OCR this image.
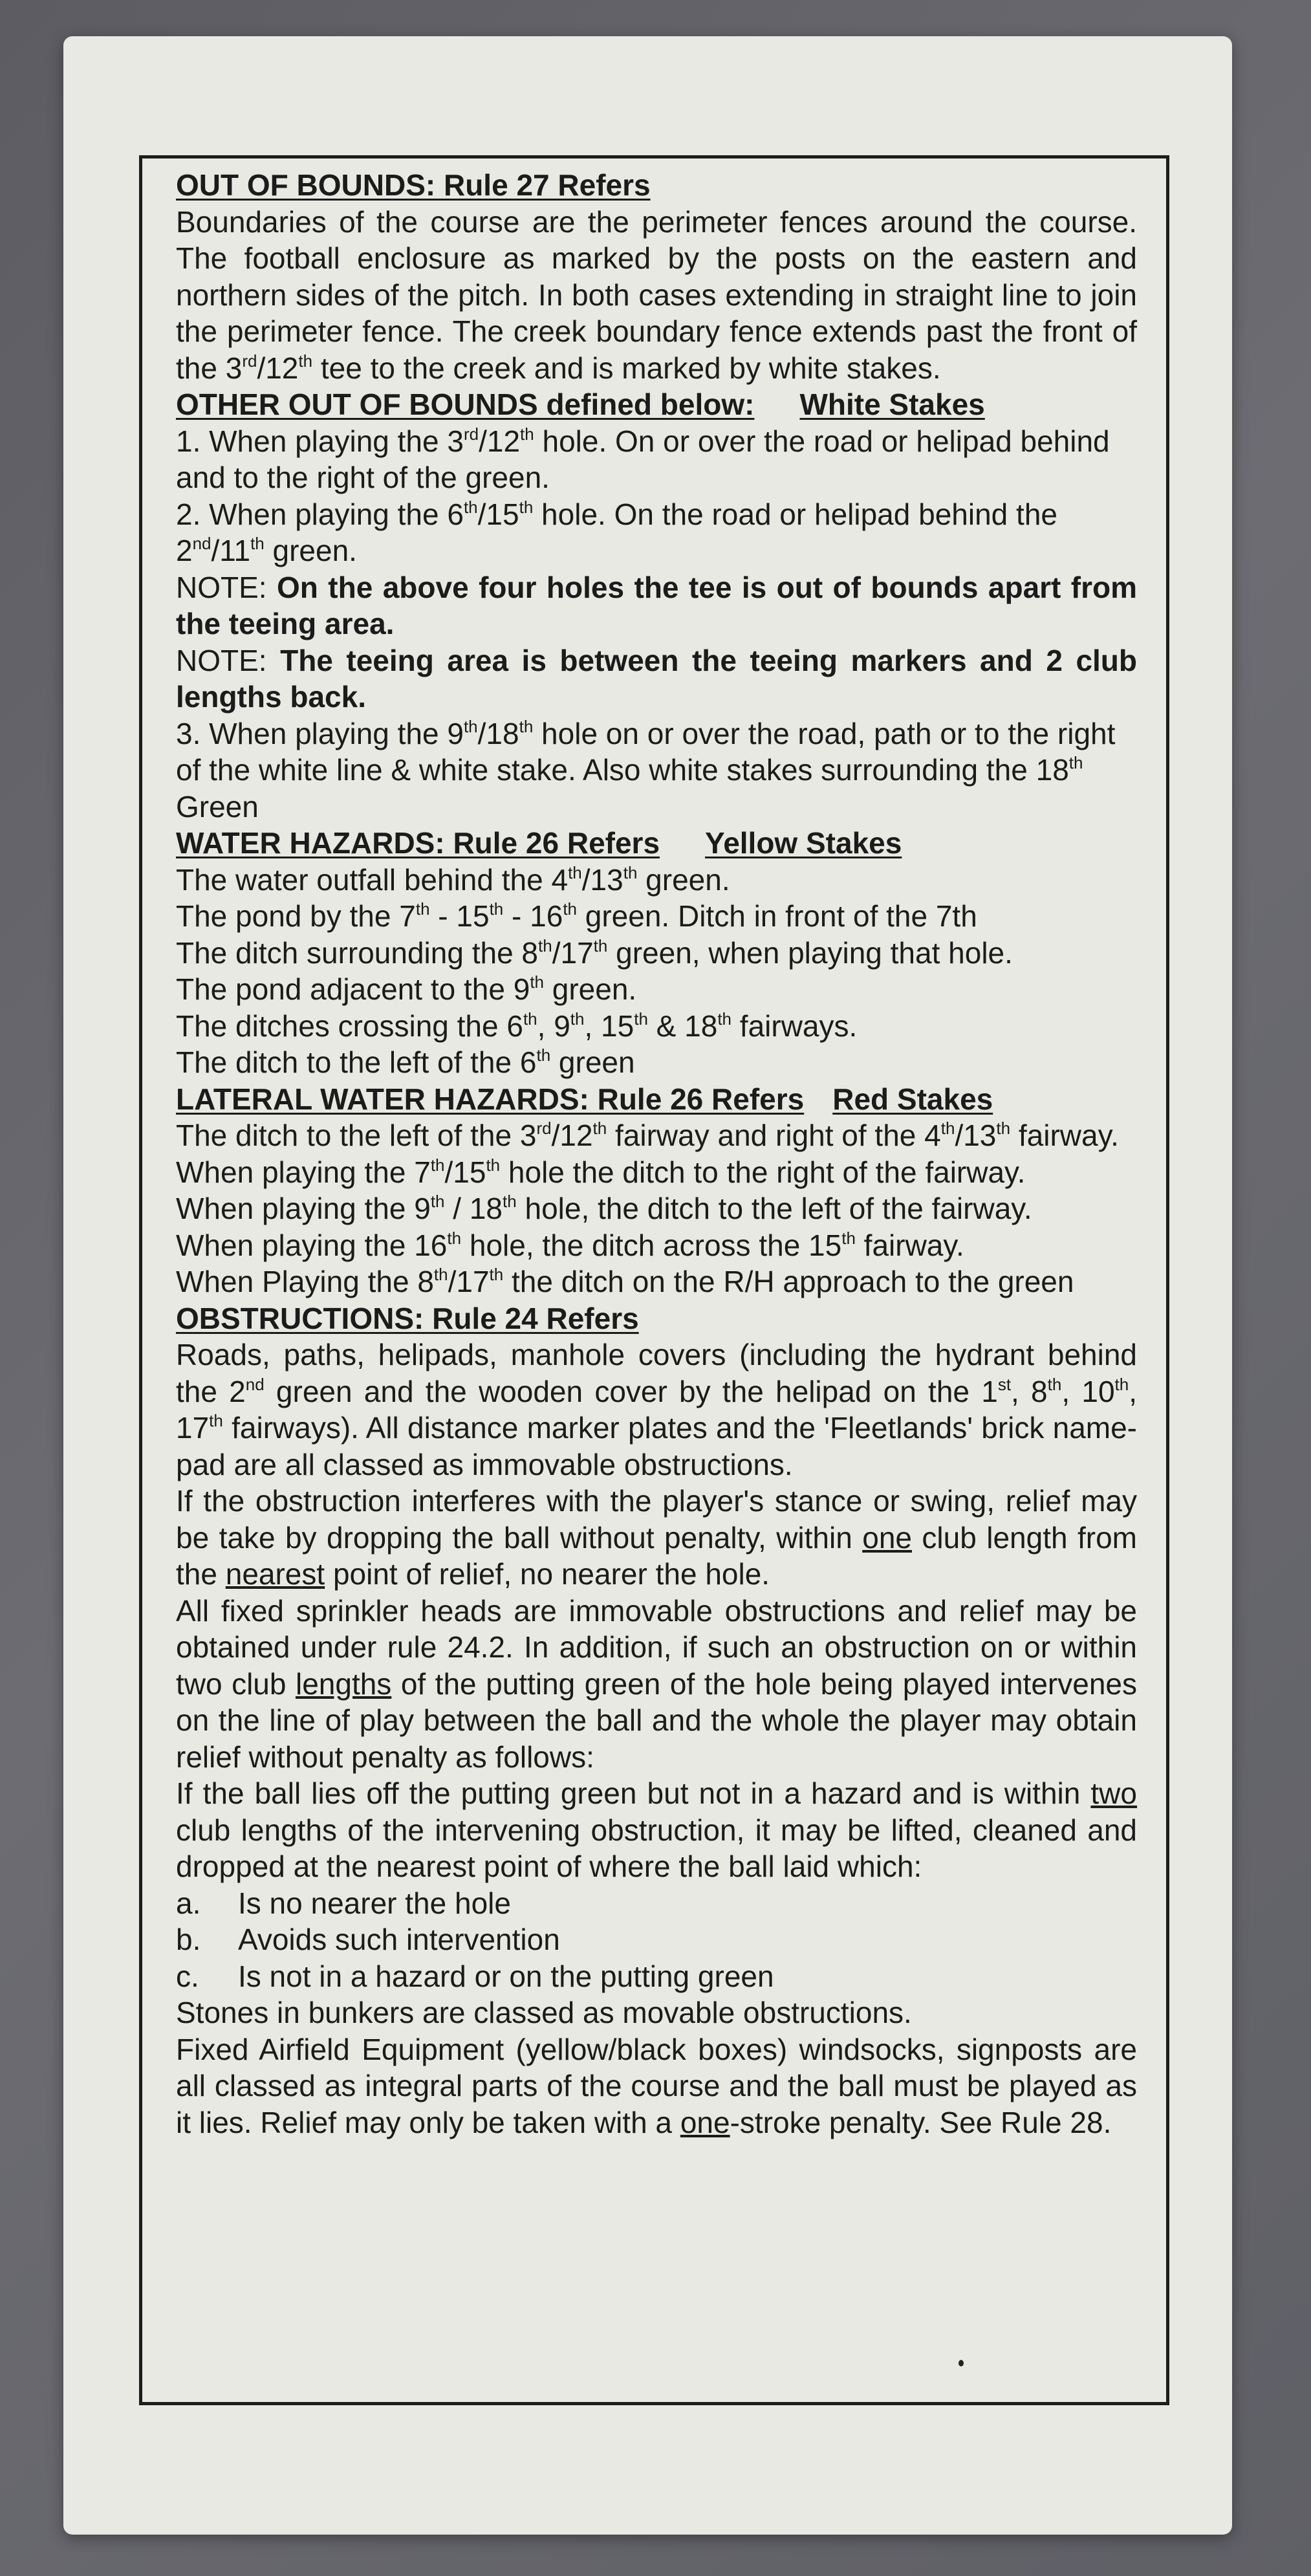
OUT OF BOUNDS: Rule 27 Refers
Boundaries of the course are the perimeter fences around the course. The football enclosure as marked by the posts on the eastern and northern sides of the pitch. In both cases extending in straight line to join the perimeter fence. The creek boundary fence extends past the front of the 3rd/12th tee to the creek and is marked by white stakes.
OTHER OUT OF BOUNDS defined below: White Stakes
1. When playing the 3rd/12th hole. On or over the road or helipad behind and to the right of the green.
2. When playing the 6th/15th hole. On the road or helipad behind the 2nd/11th green.
NOTE: On the above four holes the tee is out of bounds apart from the teeing area.
NOTE: The teeing area is between the teeing markers and 2 club lengths back.
3. When playing the 9th/18th hole on or over the road, path or to the right of the white line & white stake. Also white stakes surrounding the 18th Green
WATER HAZARDS: Rule 26 Refers Yellow Stakes
The water outfall behind the 4th/13th green.
The pond by the 7th - 15th - 16th green. Ditch in front of the 7th
The ditch surrounding the 8th/17th green, when playing that hole.
The pond adjacent to the 9th green.
The ditches crossing the 6th, 9th, 15th & 18th fairways.
The ditch to the left of the 6th green
LATERAL WATER HAZARDS: Rule 26 Refers Red Stakes
The ditch to the left of the 3rd/12th fairway and right of the 4th/13th fairway.
When playing the 7th/15th hole the ditch to the right of the fairway.
When playing the 9th / 18th hole, the ditch to the left of the fairway.
When playing the 16th hole, the ditch across the 15th fairway.
When Playing the 8th/17th the ditch on the R/H approach to the green
OBSTRUCTIONS: Rule 24 Refers
Roads, paths, helipads, manhole covers (including the hydrant behind the 2nd green and the wooden cover by the helipad on the 1st, 8th, 10th, 17th fairways). All distance marker plates and the 'Fleetlands' brick name-pad are all classed as immovable obstructions.
If the obstruction interferes with the player's stance or swing, relief may be take by dropping the ball without penalty, within one club length from the nearest point of relief, no nearer the hole.
All fixed sprinkler heads are immovable obstructions and relief may be obtained under rule 24.2. In addition, if such an obstruction on or within two club lengths of the putting green of the hole being played intervenes on the line of play between the ball and the whole the player may obtain relief without penalty as follows:
If the ball lies off the putting green but not in a hazard and is within two club lengths of the intervening obstruction, it may be lifted, cleaned and dropped at the nearest point of where the ball laid which:
a.	Is no nearer the hole
b.	Avoids such intervention
c.	Is not in a hazard or on the putting green
Stones in bunkers are classed as movable obstructions.
Fixed Airfield Equipment (yellow/black boxes) windsocks, signposts are all classed as integral parts of the course and the ball must be played as it lies. Relief may only be taken with a one-stroke penalty. See Rule 28.
